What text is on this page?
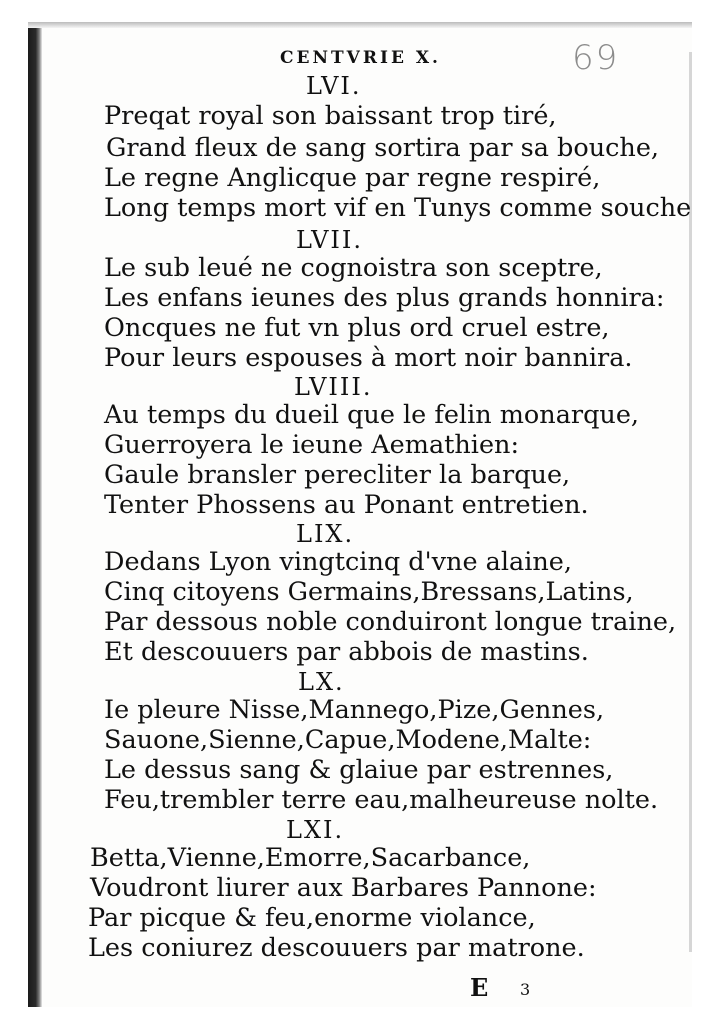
CENTVRIE X.	69
LVI.
Preqat royal son baissant trop tiré,
Grand fleux de sang sortira par sa bouche,
Le regne Anglicque par regne respiré,
Long temps mort vif en Tunys comme souche
LVII.
Le sub leué ne cognoistra son sceptre,
Les enfans ieunes des plus grands honnira:
Oncques ne fut vn plus ord cruel estre,
Pour leurs espouses à mort noir bannira.
LVIII.
Au temps du dueil que le felin monarque,
Guerroyera le ieune Aemathien:
Gaule bransler perecliter la barque,
Tenter Phossens au Ponant entretien.
LIX.
Dedans Lyon vingtcinq d'vne alaine,
Cinq citoyens Germains,Bressans,Latins,
Par dessous noble conduiront longue traine,
Et descouuers par abbois de mastins.
LX.
Ie pleure Nisse,Mannego,Pize,Gennes,
Sauone,Sienne,Capue,Modene,Malte:
Le dessus sang & glaiue par estrennes,
Feu,trembler terre eau,malheureuse nolte.
LXI.
Betta,Vienne,Emorre,Sacarbance,
Voudront liurer aux Barbares Pannone:
Par picque & feu,enorme violance,
Les coniurez descouuers par matrone.
E 3
